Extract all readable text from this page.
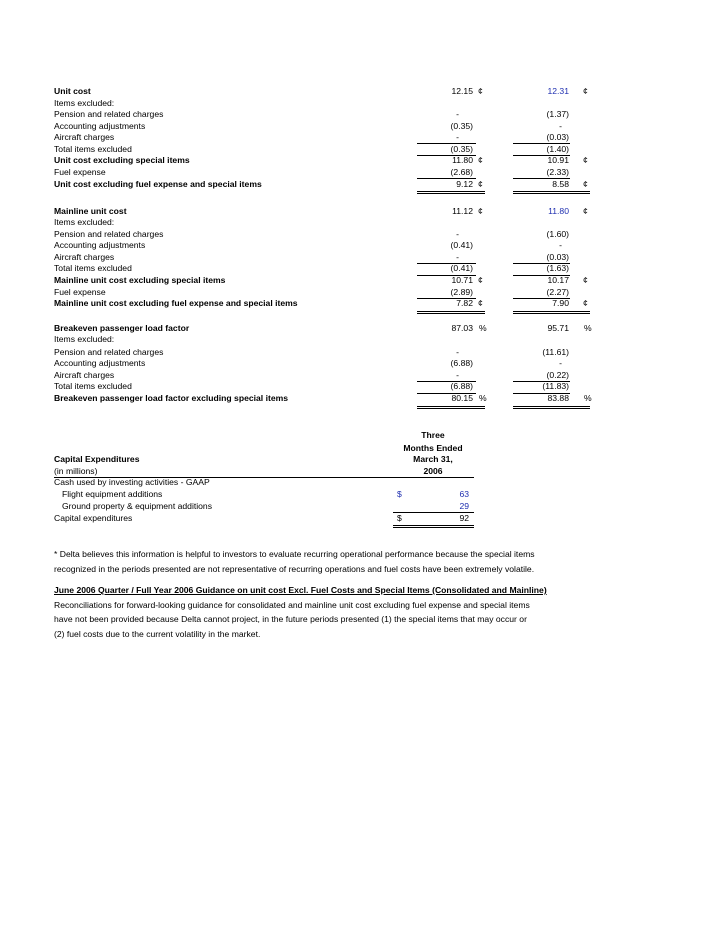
Unit cost	12.15 ¢	12.31 ¢
Items excluded:
Pension and related charges	-	(1.37)
Accounting adjustments	(0.35)	-
Aircraft charges	-	(0.03)
Total items excluded	(0.35)	(1.40)
Unit cost excluding special items	11.80 ¢	10.91 ¢
Fuel expense	(2.68)	(2.33)
Unit cost excluding fuel expense and special items	9.12 ¢	8.58 ¢
Mainline unit cost	11.12 ¢	11.80 ¢
Items excluded:
Pension and related charges	-	(1.60)
Accounting adjustments	(0.41)	-
Aircraft charges	-	(0.03)
Total items excluded	(0.41)	(1.63)
Mainline unit cost excluding special items	10.71 ¢	10.17 ¢
Fuel expense	(2.89)	(2.27)
Mainline unit cost excluding fuel expense and special items	7.82 ¢	7.90 ¢
Breakeven passenger load factor	87.03 %	95.71 %
Items excluded:
Pension and related charges	-	(11.61)
Accounting adjustments	(6.88)	-
Aircraft charges	-	(0.22)
Total items excluded	(6.88)	(11.83)
Breakeven passenger load factor excluding special items	80.15 %	83.88 %
Three
Months Ended
March 31,
2006
Capital Expenditures
(in millions)
Cash used by investing activities - GAAP
Flight equipment additions	$	63
Ground property & equipment additions	29
Capital expenditures	$	92
* Delta believes this information is helpful to investors to evaluate recurring operational performance because the special items
recognized in the periods presented are not representative of recurring operations and fuel costs have been extremely volatile.
June 2006 Quarter / Full Year 2006 Guidance on unit cost Excl. Fuel Costs and Special Items (Consolidated and Mainline)
Reconciliations for forward-looking guidance for consolidated and mainline unit cost excluding fuel expense and special items
have not been provided because Delta cannot project, in the future periods presented (1) the special items that may occur or
(2) fuel costs due to the current volatility in the market.
